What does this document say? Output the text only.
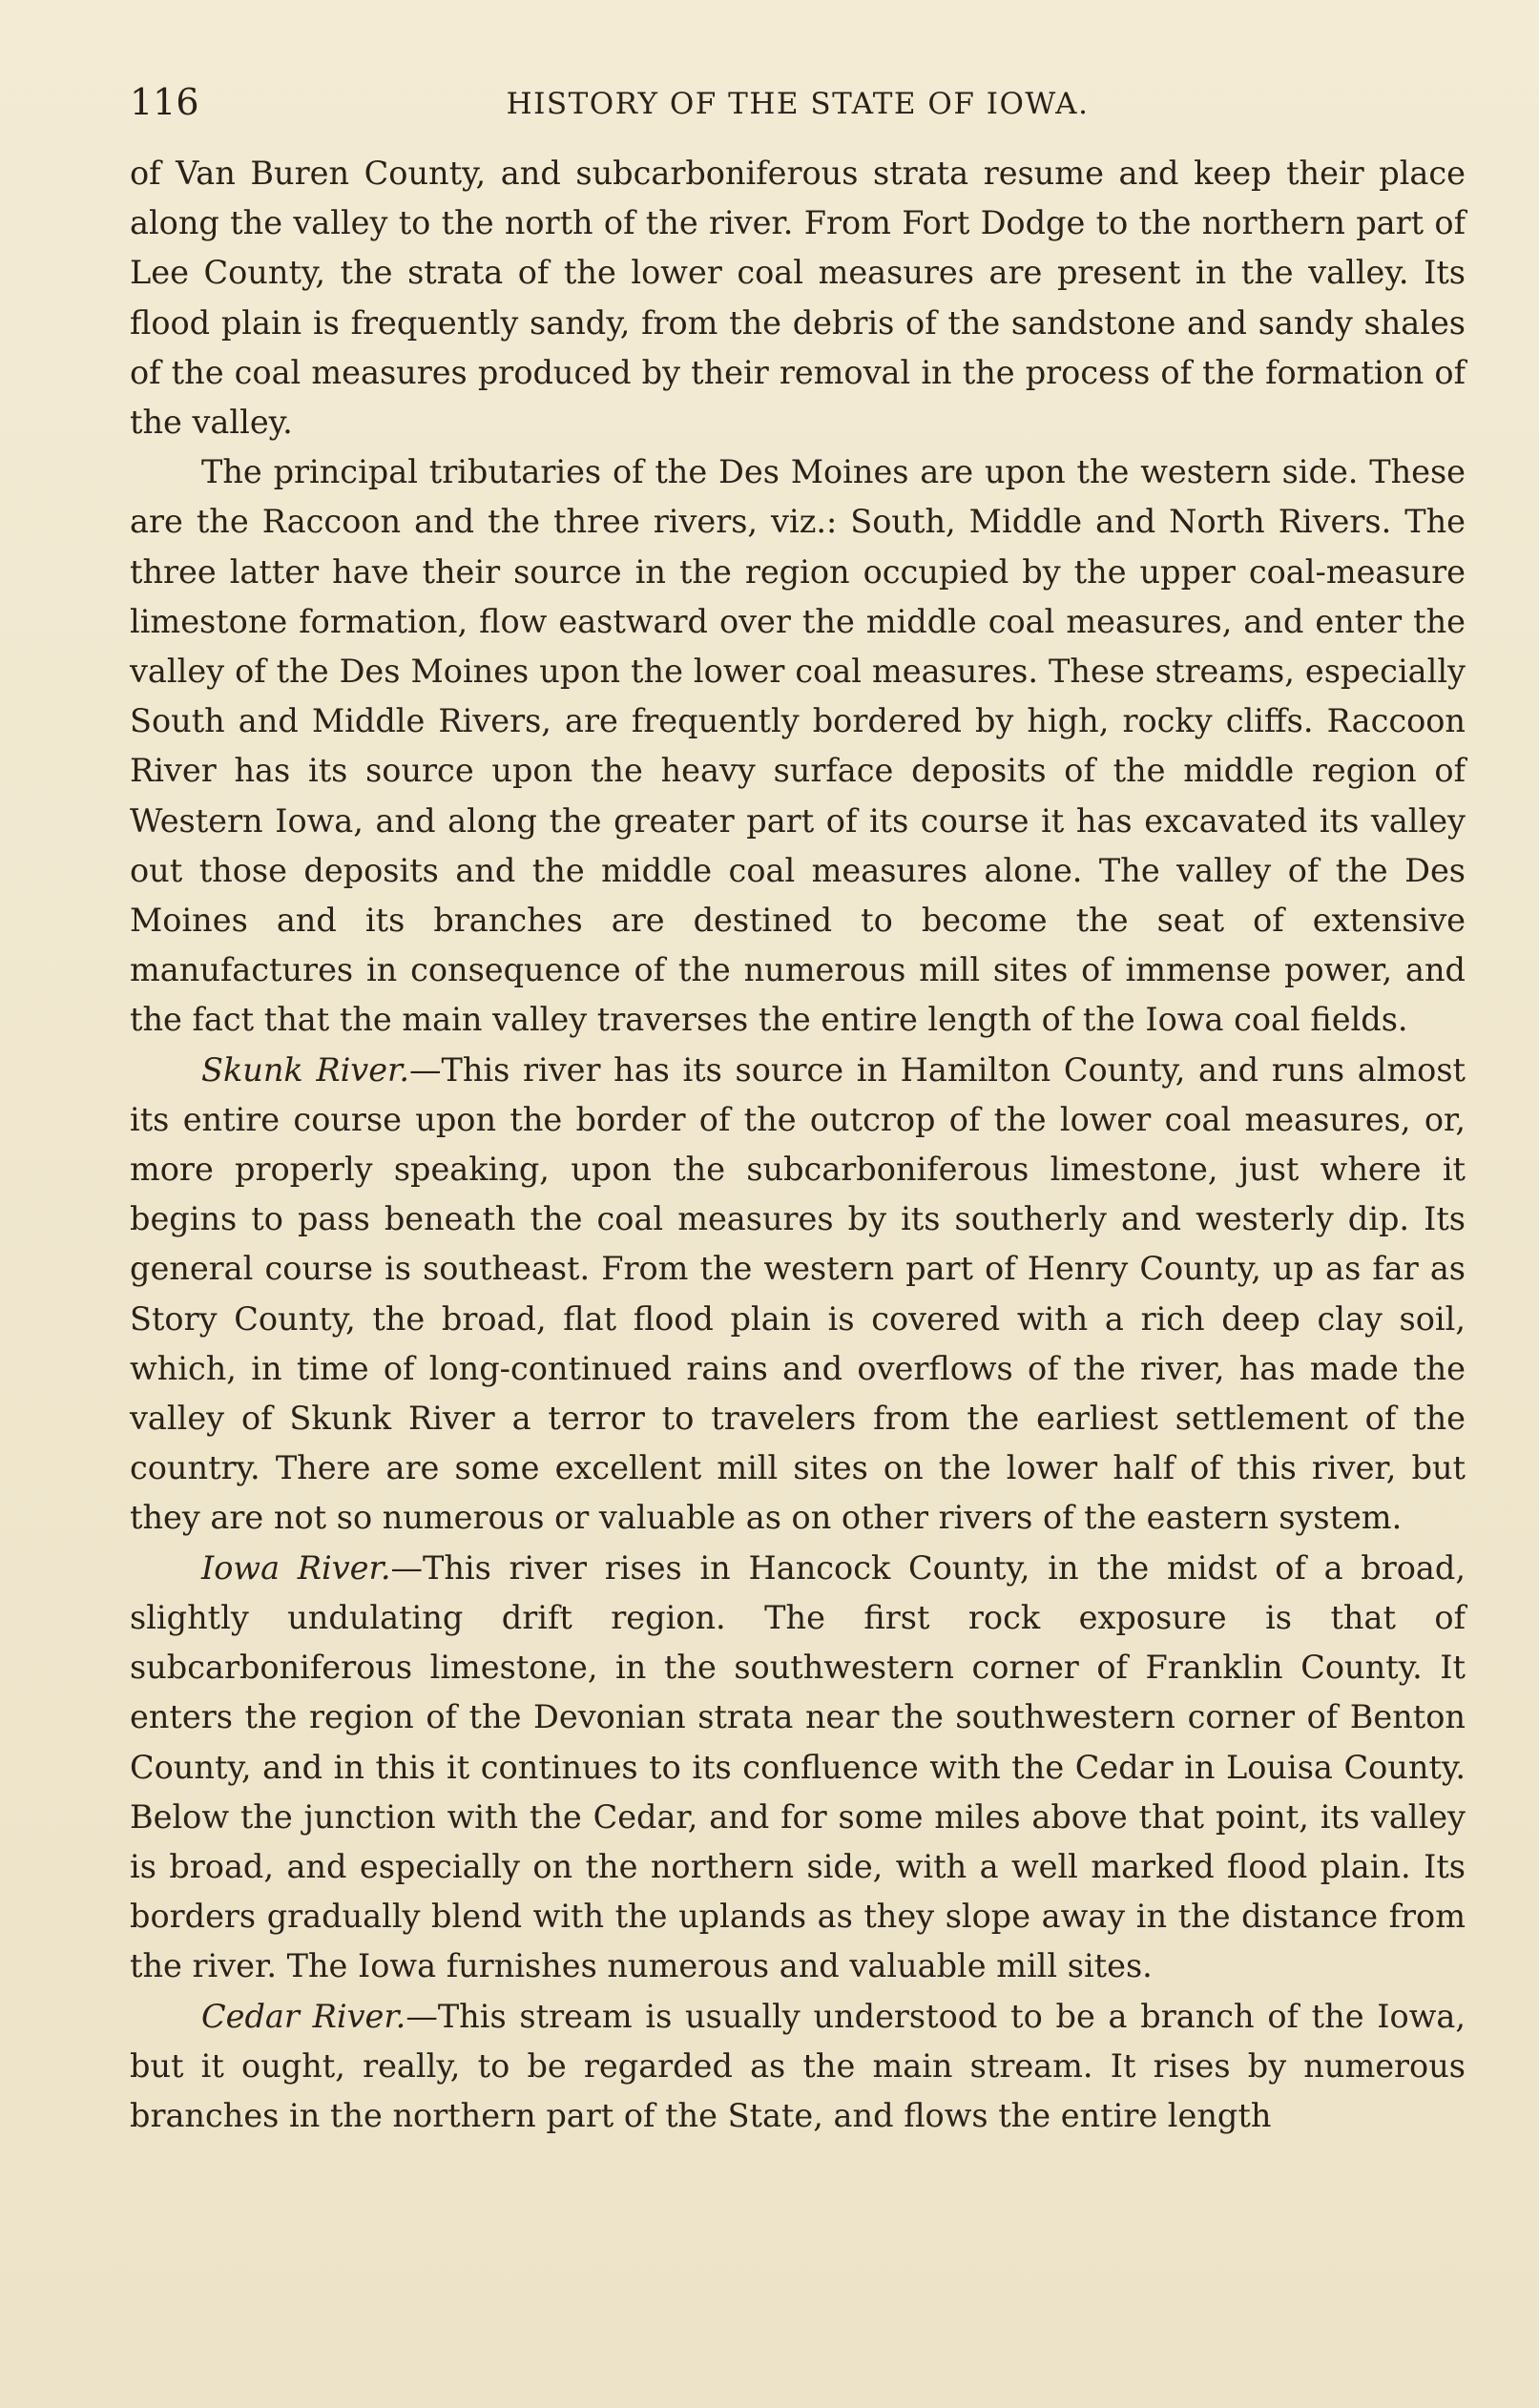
116	HISTORY OF THE STATE OF IOWA.

of Van Buren County, and subcarboniferous strata resume and keep their place along the valley to the north of the river. From Fort Dodge to the northern part of Lee County, the strata of the lower coal measures are present in the valley. Its flood plain is frequently sandy, from the debris of the sandstone and sandy shales of the coal measures produced by their removal in the process of the formation of the valley.

The principal tributaries of the Des Moines are upon the western side. These are the Raccoon and the three rivers, viz.: South, Middle and North Rivers. The three latter have their source in the region occupied by the upper coal-measure limestone formation, flow eastward over the middle coal measures, and enter the valley of the Des Moines upon the lower coal measures. These streams, especially South and Middle Rivers, are frequently bordered by high, rocky cliffs. Raccoon River has its source upon the heavy surface deposits of the middle region of Western Iowa, and along the greater part of its course it has excavated its valley out those deposits and the middle coal measures alone. The valley of the Des Moines and its branches are destined to become the seat of extensive manufactures in consequence of the numerous mill sites of immense power, and the fact that the main valley traverses the entire length of the Iowa coal fields.

Skunk River.—This river has its source in Hamilton County, and runs almost its entire course upon the border of the outcrop of the lower coal measures, or, more properly speaking, upon the subcarboniferous limestone, just where it begins to pass beneath the coal measures by its southerly and westerly dip. Its general course is southeast. From the western part of Henry County, up as far as Story County, the broad, flat flood plain is covered with a rich deep clay soil, which, in time of long-continued rains and overflows of the river, has made the valley of Skunk River a terror to travelers from the earliest settlement of the country. There are some excellent mill sites on the lower half of this river, but they are not so numerous or valuable as on other rivers of the eastern system.

Iowa River.—This river rises in Hancock County, in the midst of a broad, slightly undulating drift region. The first rock exposure is that of subcarboniferous limestone, in the southwestern corner of Franklin County. It enters the region of the Devonian strata near the southwestern corner of Benton County, and in this it continues to its confluence with the Cedar in Louisa County. Below the junction with the Cedar, and for some miles above that point, its valley is broad, and especially on the northern side, with a well marked flood plain. Its borders gradually blend with the uplands as they slope away in the distance from the river. The Iowa furnishes numerous and valuable mill sites.

Cedar River.—This stream is usually understood to be a branch of the Iowa, but it ought, really, to be regarded as the main stream. It rises by numerous branches in the northern part of the State, and flows the entire length
